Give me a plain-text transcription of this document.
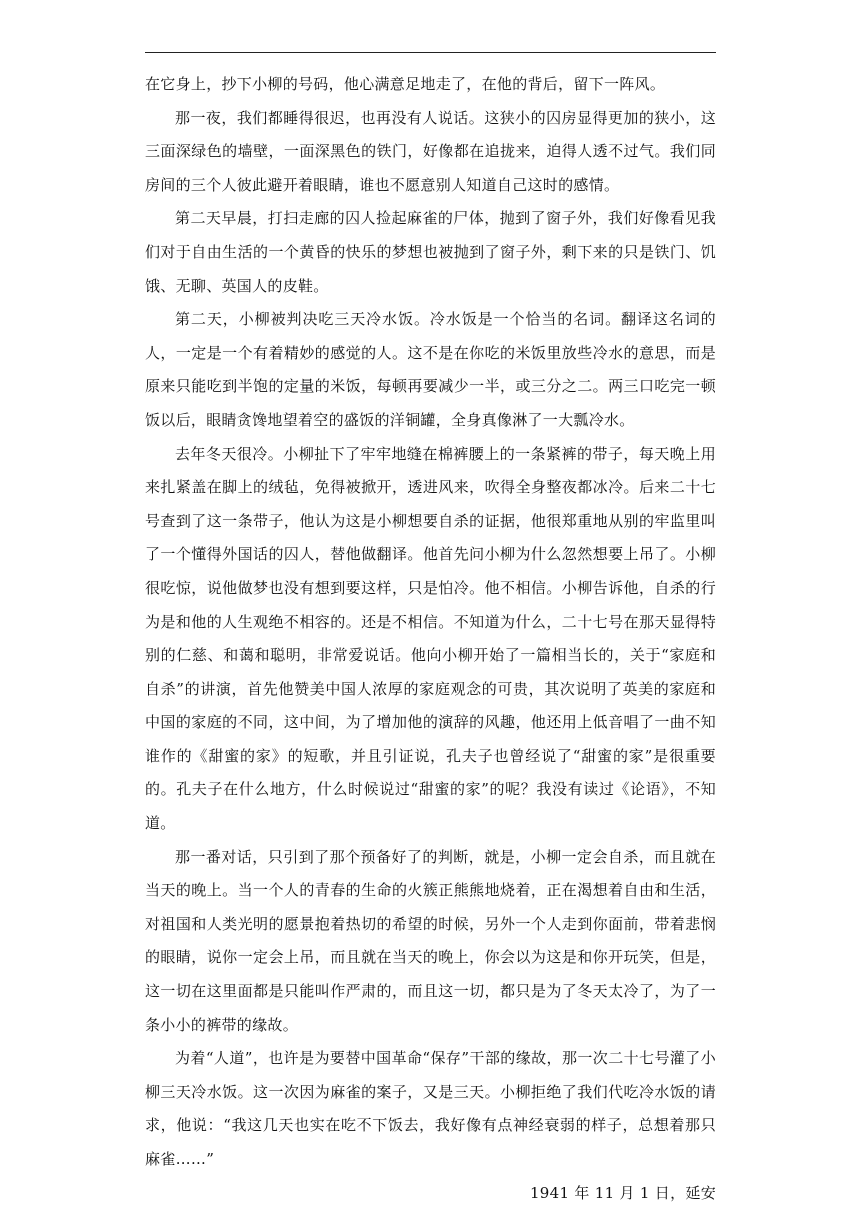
在它身上，抄下小柳的号码，他心满意足地走了，在他的背后，留下一阵风。

那一夜，我们都睡得很迟，也再没有人说话。这狭小的囚房显得更加的狭小，这三面深绿色的墙壁，一面深黑色的铁门，好像都在追拢来，迫得人透不过气。我们同房间的三个人彼此避开着眼睛，谁也不愿意别人知道自己这时的感情。

第二天早晨，打扫走廊的囚人捡起麻雀的尸体，抛到了窗子外，我们好像看见我们对于自由生活的一个黄昏的快乐的梦想也被抛到了窗子外，剩下来的只是铁门、饥饿、无聊、英国人的皮鞋。

第二天，小柳被判决吃三天冷水饭。冷水饭是一个恰当的名词。翻译这名词的人，一定是一个有着精妙的感觉的人。这不是在你吃的米饭里放些冷水的意思，而是原来只能吃到半饱的定量的米饭，每顿再要减少一半，或三分之二。两三口吃完一顿饭以后，眼睛贪馋地望着空的盛饭的洋铜罐，全身真像淋了一大瓢冷水。

去年冬天很冷。小柳扯下了牢牢地缝在棉裤腰上的一条紧裤的带子，每天晚上用来扎紧盖在脚上的绒毡，免得被掀开，透进风来，吹得全身整夜都冰冷。后来二十七号查到了这一条带子，他认为这是小柳想要自杀的证据，他很郑重地从别的牢监里叫了一个懂得外国话的囚人，替他做翻译。他首先问小柳为什么忽然想要上吊了。小柳很吃惊，说他做梦也没有想到要这样，只是怕冷。他不相信。小柳告诉他，自杀的行为是和他的人生观绝不相容的。还是不相信。不知道为什么，二十七号在那天显得特别的仁慈、和蔼和聪明，非常爱说话。他向小柳开始了一篇相当长的，关于“家庭和自杀”的讲演，首先他赞美中国人浓厚的家庭观念的可贵，其次说明了英美的家庭和中国的家庭的不同，这中间，为了增加他的演辞的风趣，他还用上低音唱了一曲不知谁作的《甜蜜的家》的短歌，并且引证说，孔夫子也曾经说了“甜蜜的家”是很重要的。孔夫子在什么地方，什么时候说过“甜蜜的家”的呢？我没有读过《论语》，不知道。

那一番对话，只引到了那个预备好了的判断，就是，小柳一定会自杀，而且就在当天的晚上。当一个人的青春的生命的火簇正熊熊地烧着，正在渴想着自由和生活，对祖国和人类光明的愿景抱着热切的希望的时候，另外一个人走到你面前，带着悲悯的眼睛，说你一定会上吊，而且就在当天的晚上，你会以为这是和你开玩笑，但是，这一切在这里面都是只能叫作严肃的，而且这一切，都只是为了冬天太冷了，为了一条小小的裤带的缘故。

为着“人道”，也许是为要替中国革命“保存”干部的缘故，那一次二十七号灌了小柳三天冷水饭。这一次因为麻雀的案子，又是三天。小柳拒绝了我们代吃冷水饭的请求，他说：“我这几天也实在吃不下饭去，我好像有点神经衰弱的样子，总想着那只麻雀……”

1941 年 11 月 1 日，延安
